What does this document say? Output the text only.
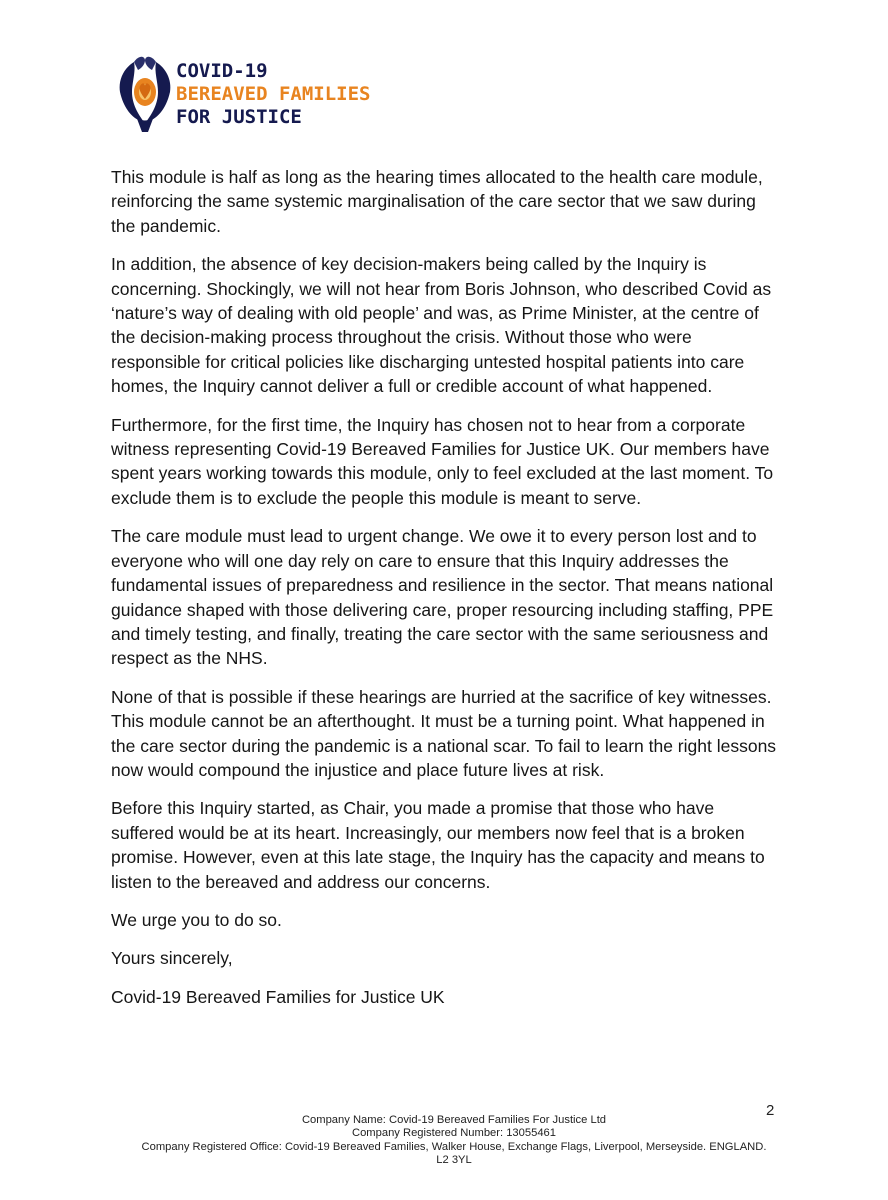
COVID-19
BEREAVED FAMILIES
FOR JUSTICE

This module is half as long as the hearing times allocated to the health care module, reinforcing the same systemic marginalisation of the care sector that we saw during the pandemic.

In addition, the absence of key decision-makers being called by the Inquiry is concerning. Shockingly, we will not hear from Boris Johnson, who described Covid as ‘nature’s way of dealing with old people’ and was, as Prime Minister, at the centre of the decision-making process throughout the crisis. Without those who were responsible for critical policies like discharging untested hospital patients into care homes, the Inquiry cannot deliver a full or credible account of what happened.

Furthermore, for the first time, the Inquiry has chosen not to hear from a corporate witness representing Covid-19 Bereaved Families for Justice UK. Our members have spent years working towards this module, only to feel excluded at the last moment. To exclude them is to exclude the people this module is meant to serve.

The care module must lead to urgent change. We owe it to every person lost and to everyone who will one day rely on care to ensure that this Inquiry addresses the fundamental issues of preparedness and resilience in the sector. That means national guidance shaped with those delivering care, proper resourcing including staffing, PPE and timely testing, and finally, treating the care sector with the same seriousness and respect as the NHS.

None of that is possible if these hearings are hurried at the sacrifice of key witnesses. This module cannot be an afterthought. It must be a turning point. What happened in the care sector during the pandemic is a national scar. To fail to learn the right lessons now would compound the injustice and place future lives at risk.

Before this Inquiry started, as Chair, you made a promise that those who have suffered would be at its heart. Increasingly, our members now feel that is a broken promise. However, even at this late stage, the Inquiry has the capacity and means to listen to the bereaved and address our concerns.

We urge you to do so.

Yours sincerely,

Covid-19 Bereaved Families for Justice UK

2
Company Name: Covid-19 Bereaved Families For Justice Ltd
Company Registered Number: 13055461
Company Registered Office: Covid-19 Bereaved Families, Walker House, Exchange Flags, Liverpool, Merseyside. ENGLAND.
L2 3YL
